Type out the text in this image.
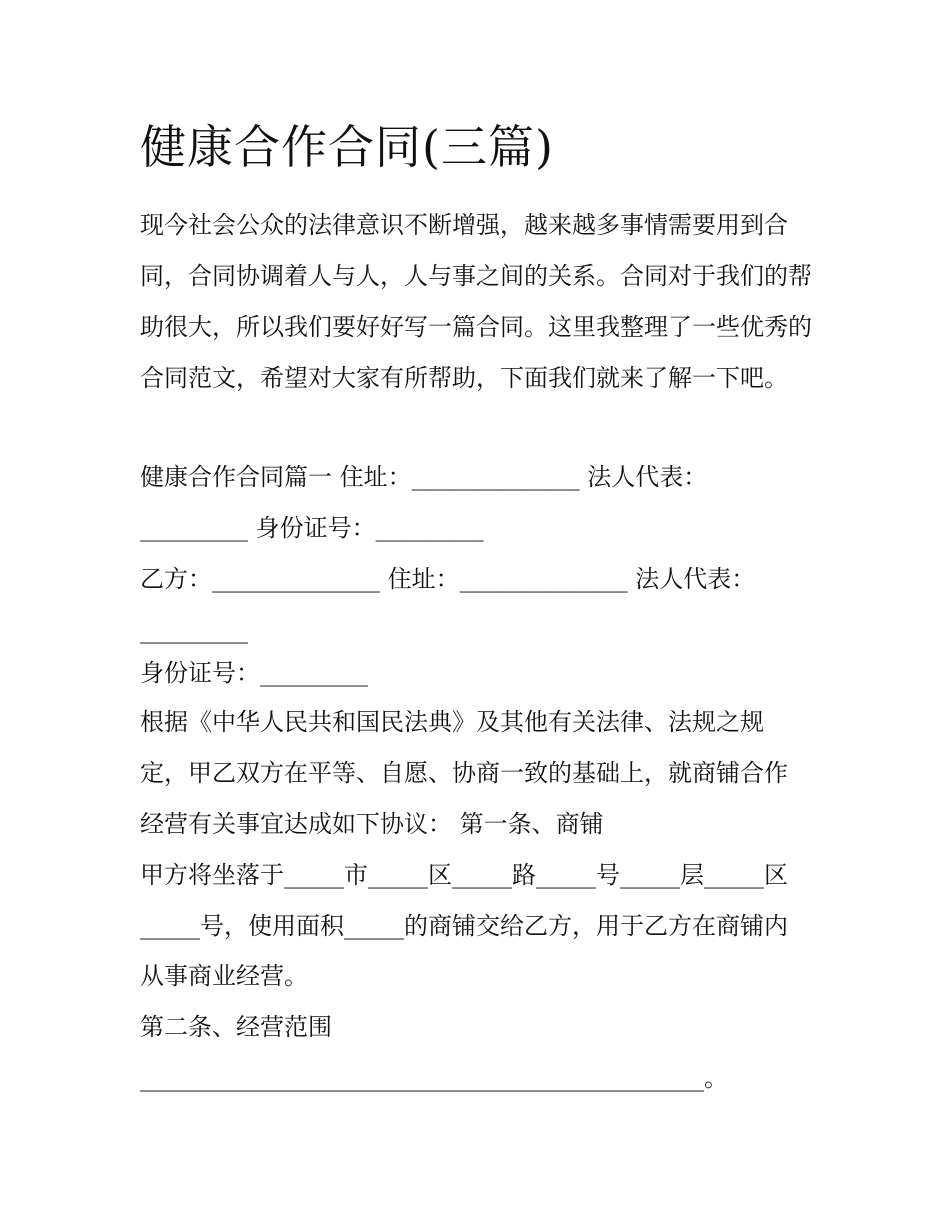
健康合作合同(三篇)
现今社会公众的法律意识不断增强，越来越多事情需要用到合同，合同协调着人与人，人与事之间的关系。合同对于我们的帮助很大，所以我们要好好写一篇合同。这里我整理了一些优秀的合同范文，希望对大家有所帮助，下面我们就来了解一下吧。
健康合作合同篇一 住址：______________ 法人代表：
_________ 身份证号：_________
乙方：______________ 住址：______________ 法人代表：
_________
身份证号：_________
根据《中华人民共和国民法典》及其他有关法律、法规之规
定，甲乙双方在平等、自愿、协商一致的基础上，就商铺合作
经营有关事宜达成如下协议： 第一条、商铺
甲方将坐落于_____市_____区_____路_____号_____层_____区
_____号，使用面积_____的商铺交给乙方，用于乙方在商铺内
从事商业经营。
第二条、经营范围
_______________________________________________。
